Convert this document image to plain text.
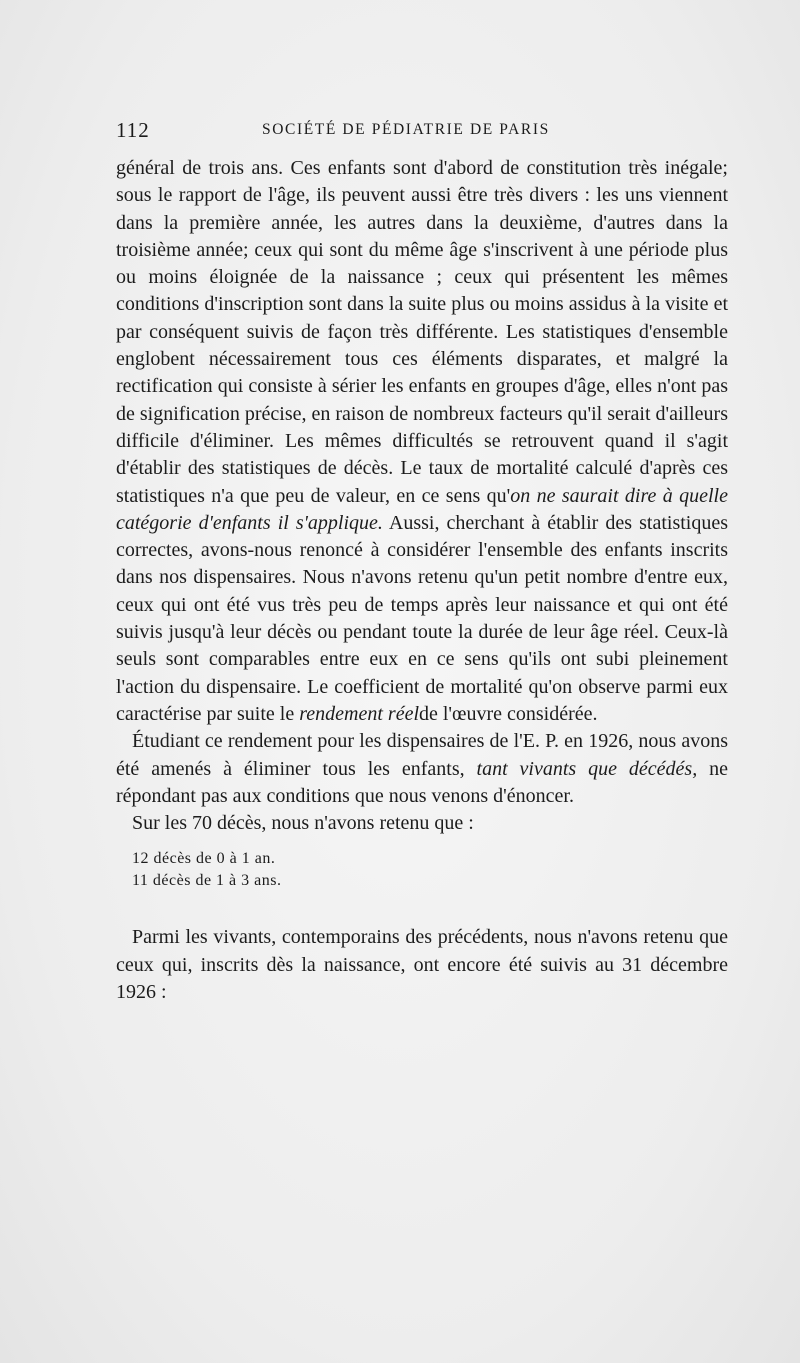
112	SOCIÉTÉ DE PÉDIATRIE DE PARIS

général de trois ans. Ces enfants sont d'abord de constitution très inégale; sous le rapport de l'âge, ils peuvent aussi être très divers : les uns viennent dans la première année, les autres dans la deuxième, d'autres dans la troisième année; ceux qui sont du même âge s'inscrivent à une période plus ou moins éloignée de la naissance ; ceux qui présentent les mêmes conditions d'inscription sont dans la suite plus ou moins assidus à la visite et par conséquent suivis de façon très différente. Les statistiques d'ensemble englobent nécessairement tous ces éléments disparates, et malgré la rectification qui consiste à sérier les enfants en groupes d'âge, elles n'ont pas de signification précise, en raison de nombreux facteurs qu'il serait d'ailleurs difficile d'éliminer. Les mêmes difficultés se retrouvent quand il s'agit d'établir des statistiques de décès. Le taux de mortalité calculé d'après ces statistiques n'a que peu de valeur, en ce sens qu'on ne saurait dire à quelle catégorie d'enfants il s'applique. Aussi, cherchant à établir des statistiques correctes, avons-nous renoncé à considérer l'ensemble des enfants inscrits dans nos dispensaires. Nous n'avons retenu qu'un petit nombre d'entre eux, ceux qui ont été vus très peu de temps après leur naissance et qui ont été suivis jusqu'à leur décès ou pendant toute la durée de leur âge réel. Ceux-là seuls sont comparables entre eux en ce sens qu'ils ont subi pleinement l'action du dispensaire. Le coefficient de mortalité qu'on observe parmi eux caractérise par suite le rendement réelde l'œuvre considérée.

Étudiant ce rendement pour les dispensaires de l'E. P. en 1926, nous avons été amenés à éliminer tous les enfants, tant vivants que décédés, ne répondant pas aux conditions que nous venons d'énoncer.

Sur les 70 décès, nous n'avons retenu que :

12 décès de 0 à 1 an.

11 décès de 1 à 3 ans.

Parmi les vivants, contemporains des précédents, nous n'avons retenu que ceux qui, inscrits dès la naissance, ont encore été suivis au 31 décembre 1926 :
